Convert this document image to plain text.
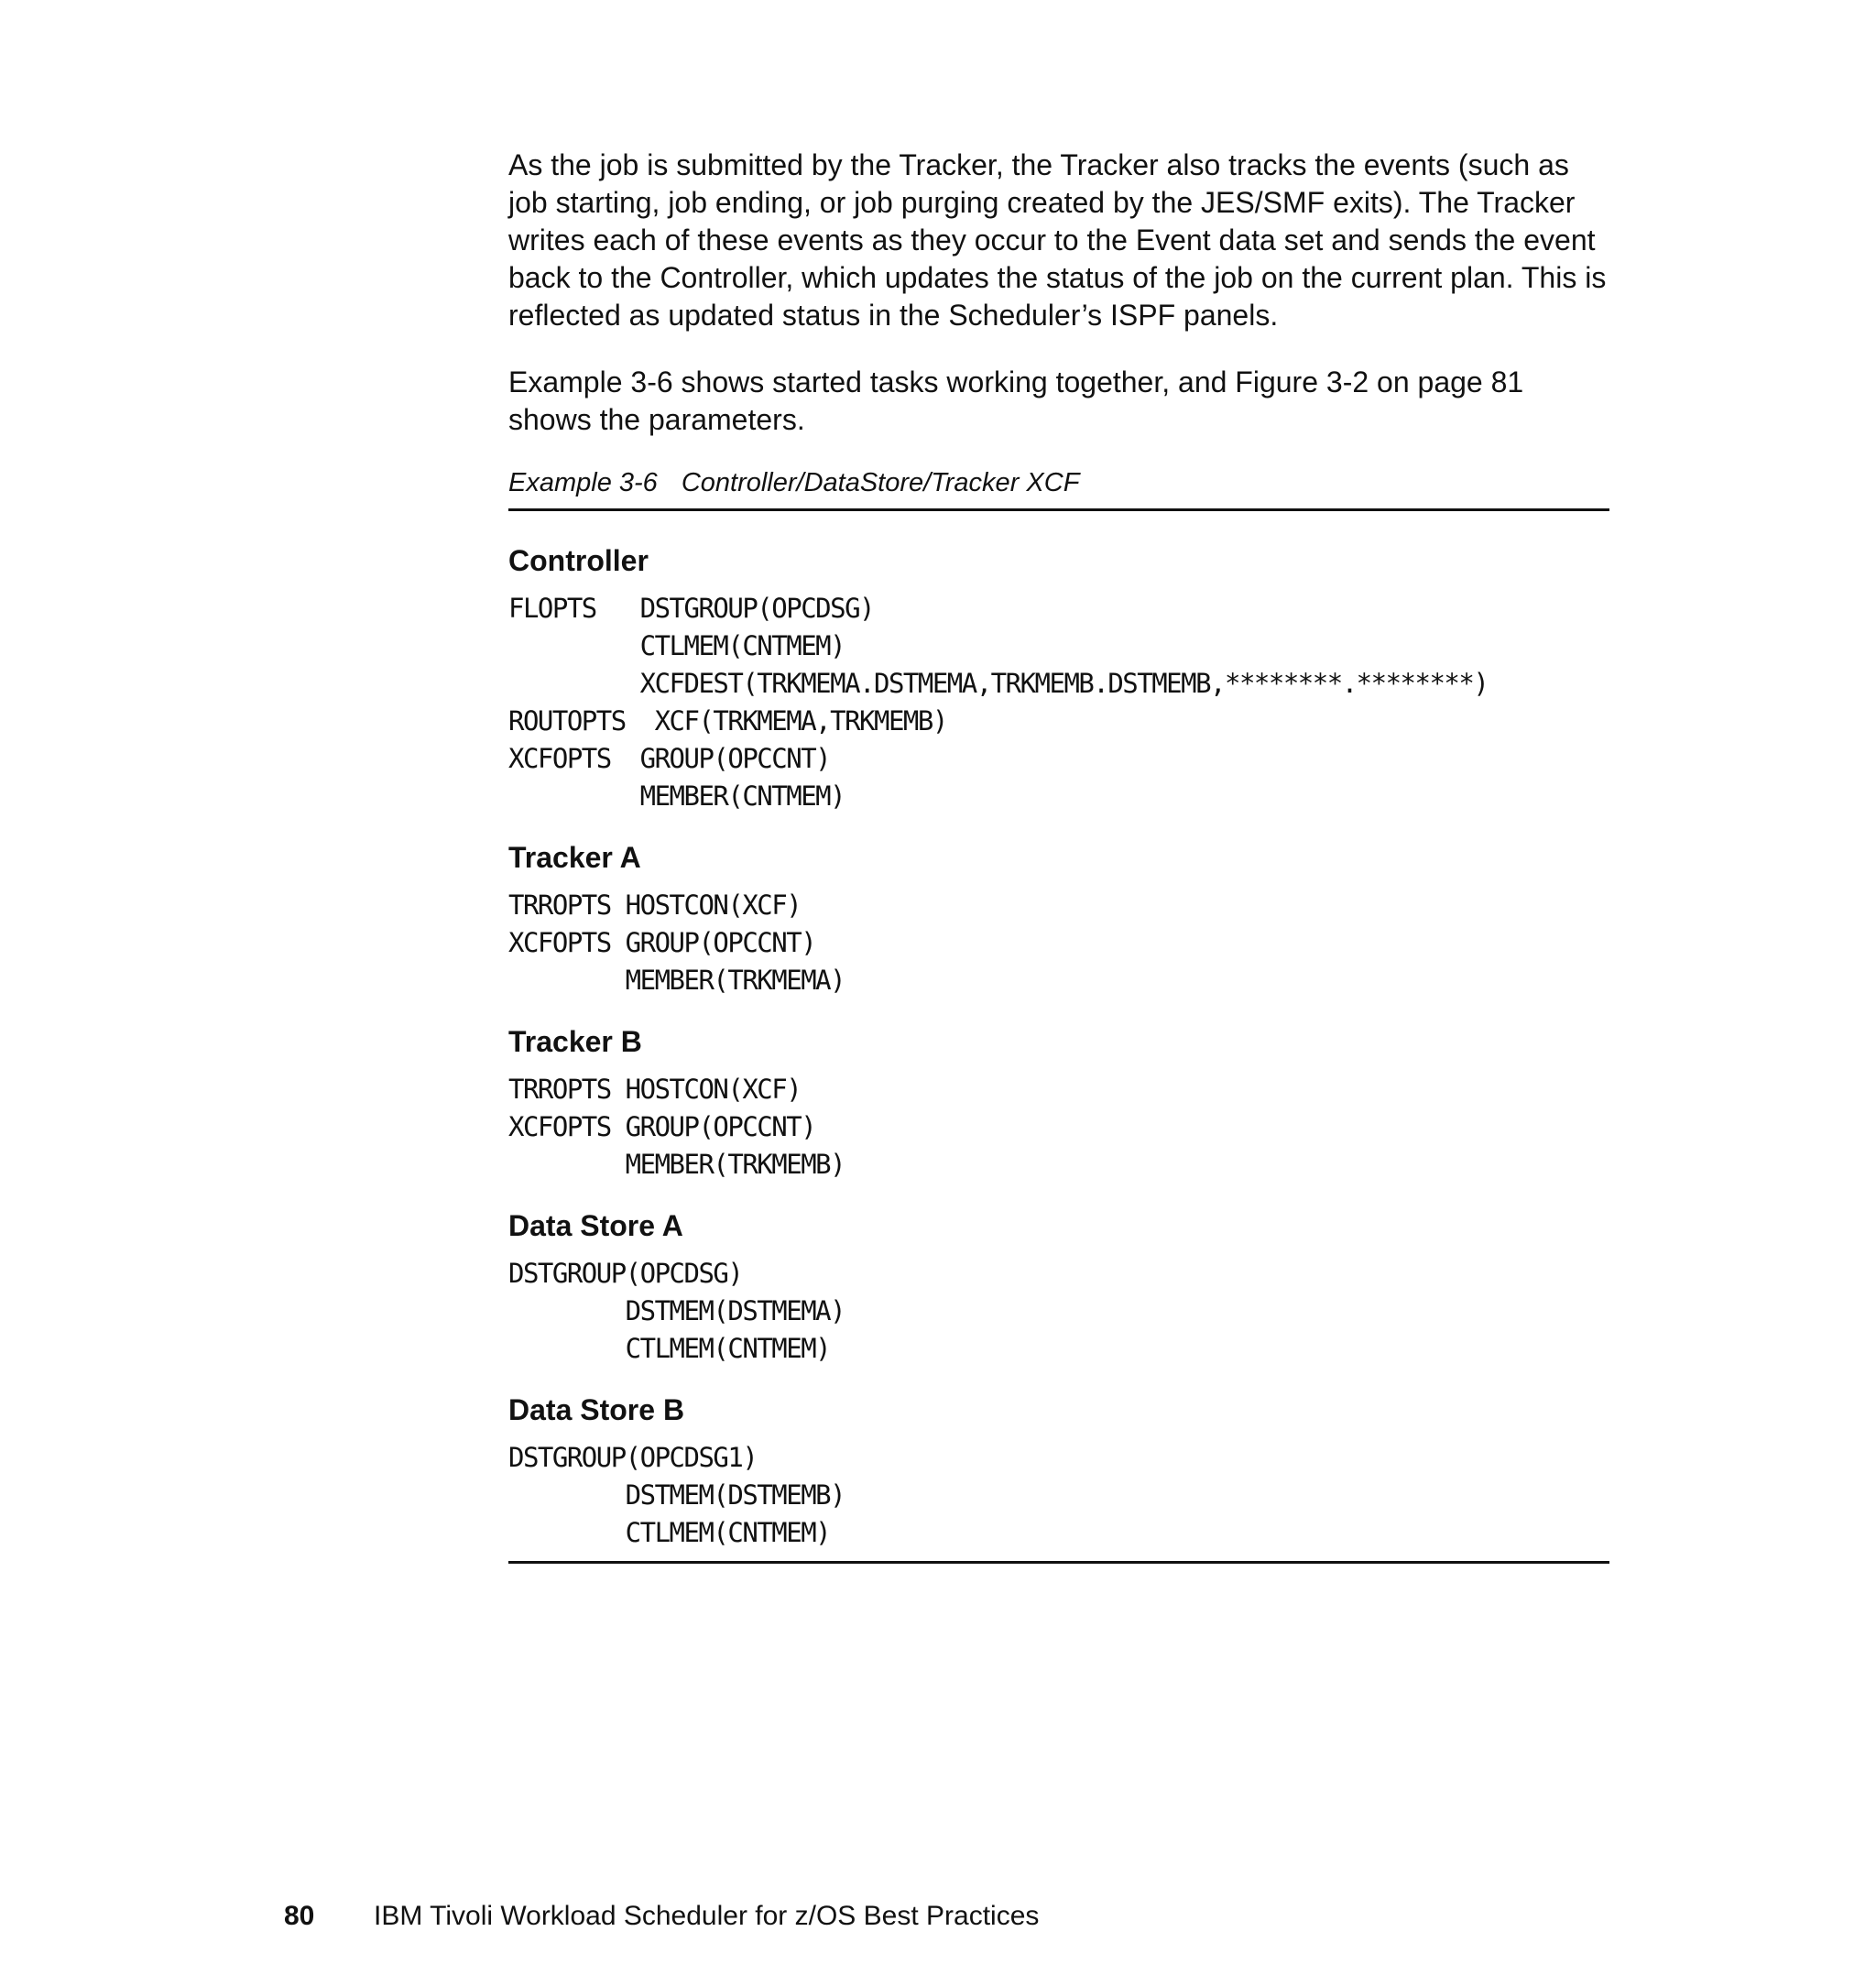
As the job is submitted by the Tracker, the Tracker also tracks the events (such as job starting, job ending, or job purging created by the JES/SMF exits). The Tracker writes each of these events as they occur to the Event data set and sends the event back to the Controller, which updates the status of the job on the current plan. This is reflected as updated status in the Scheduler’s ISPF panels.

Example 3-6 shows started tasks working together, and Figure 3-2 on page 81 shows the parameters.

Example 3-6 Controller/DataStore/Tracker XCF
Controller
FLOPTS   DSTGROUP(OPCDSG)
CTLMEM(CNTMEM)
XCFDEST(TRKMEMA.DSTMEMA,TRKMEMB.DSTMEMB,********.********)
ROUTOPTS  XCF(TRKMEMA,TRKMEMB)
XCFOPTS  GROUP(OPCCNT)
MEMBER(CNTMEM)
Tracker A
TRROPTS HOSTCON(XCF)
XCFOPTS GROUP(OPCCNT)
MEMBER(TRKMEMA)
Tracker B
TRROPTS HOSTCON(XCF)
XCFOPTS GROUP(OPCCNT)
MEMBER(TRKMEMB)
Data Store A
DSTGROUP(OPCDSG)
DSTMEM(DSTMEMA)
CTLMEM(CNTMEM)
Data Store B
DSTGROUP(OPCDSG1)
DSTMEM(DSTMEMB)
CTLMEM(CNTMEM)
80 IBM Tivoli Workload Scheduler for z/OS Best Practices
